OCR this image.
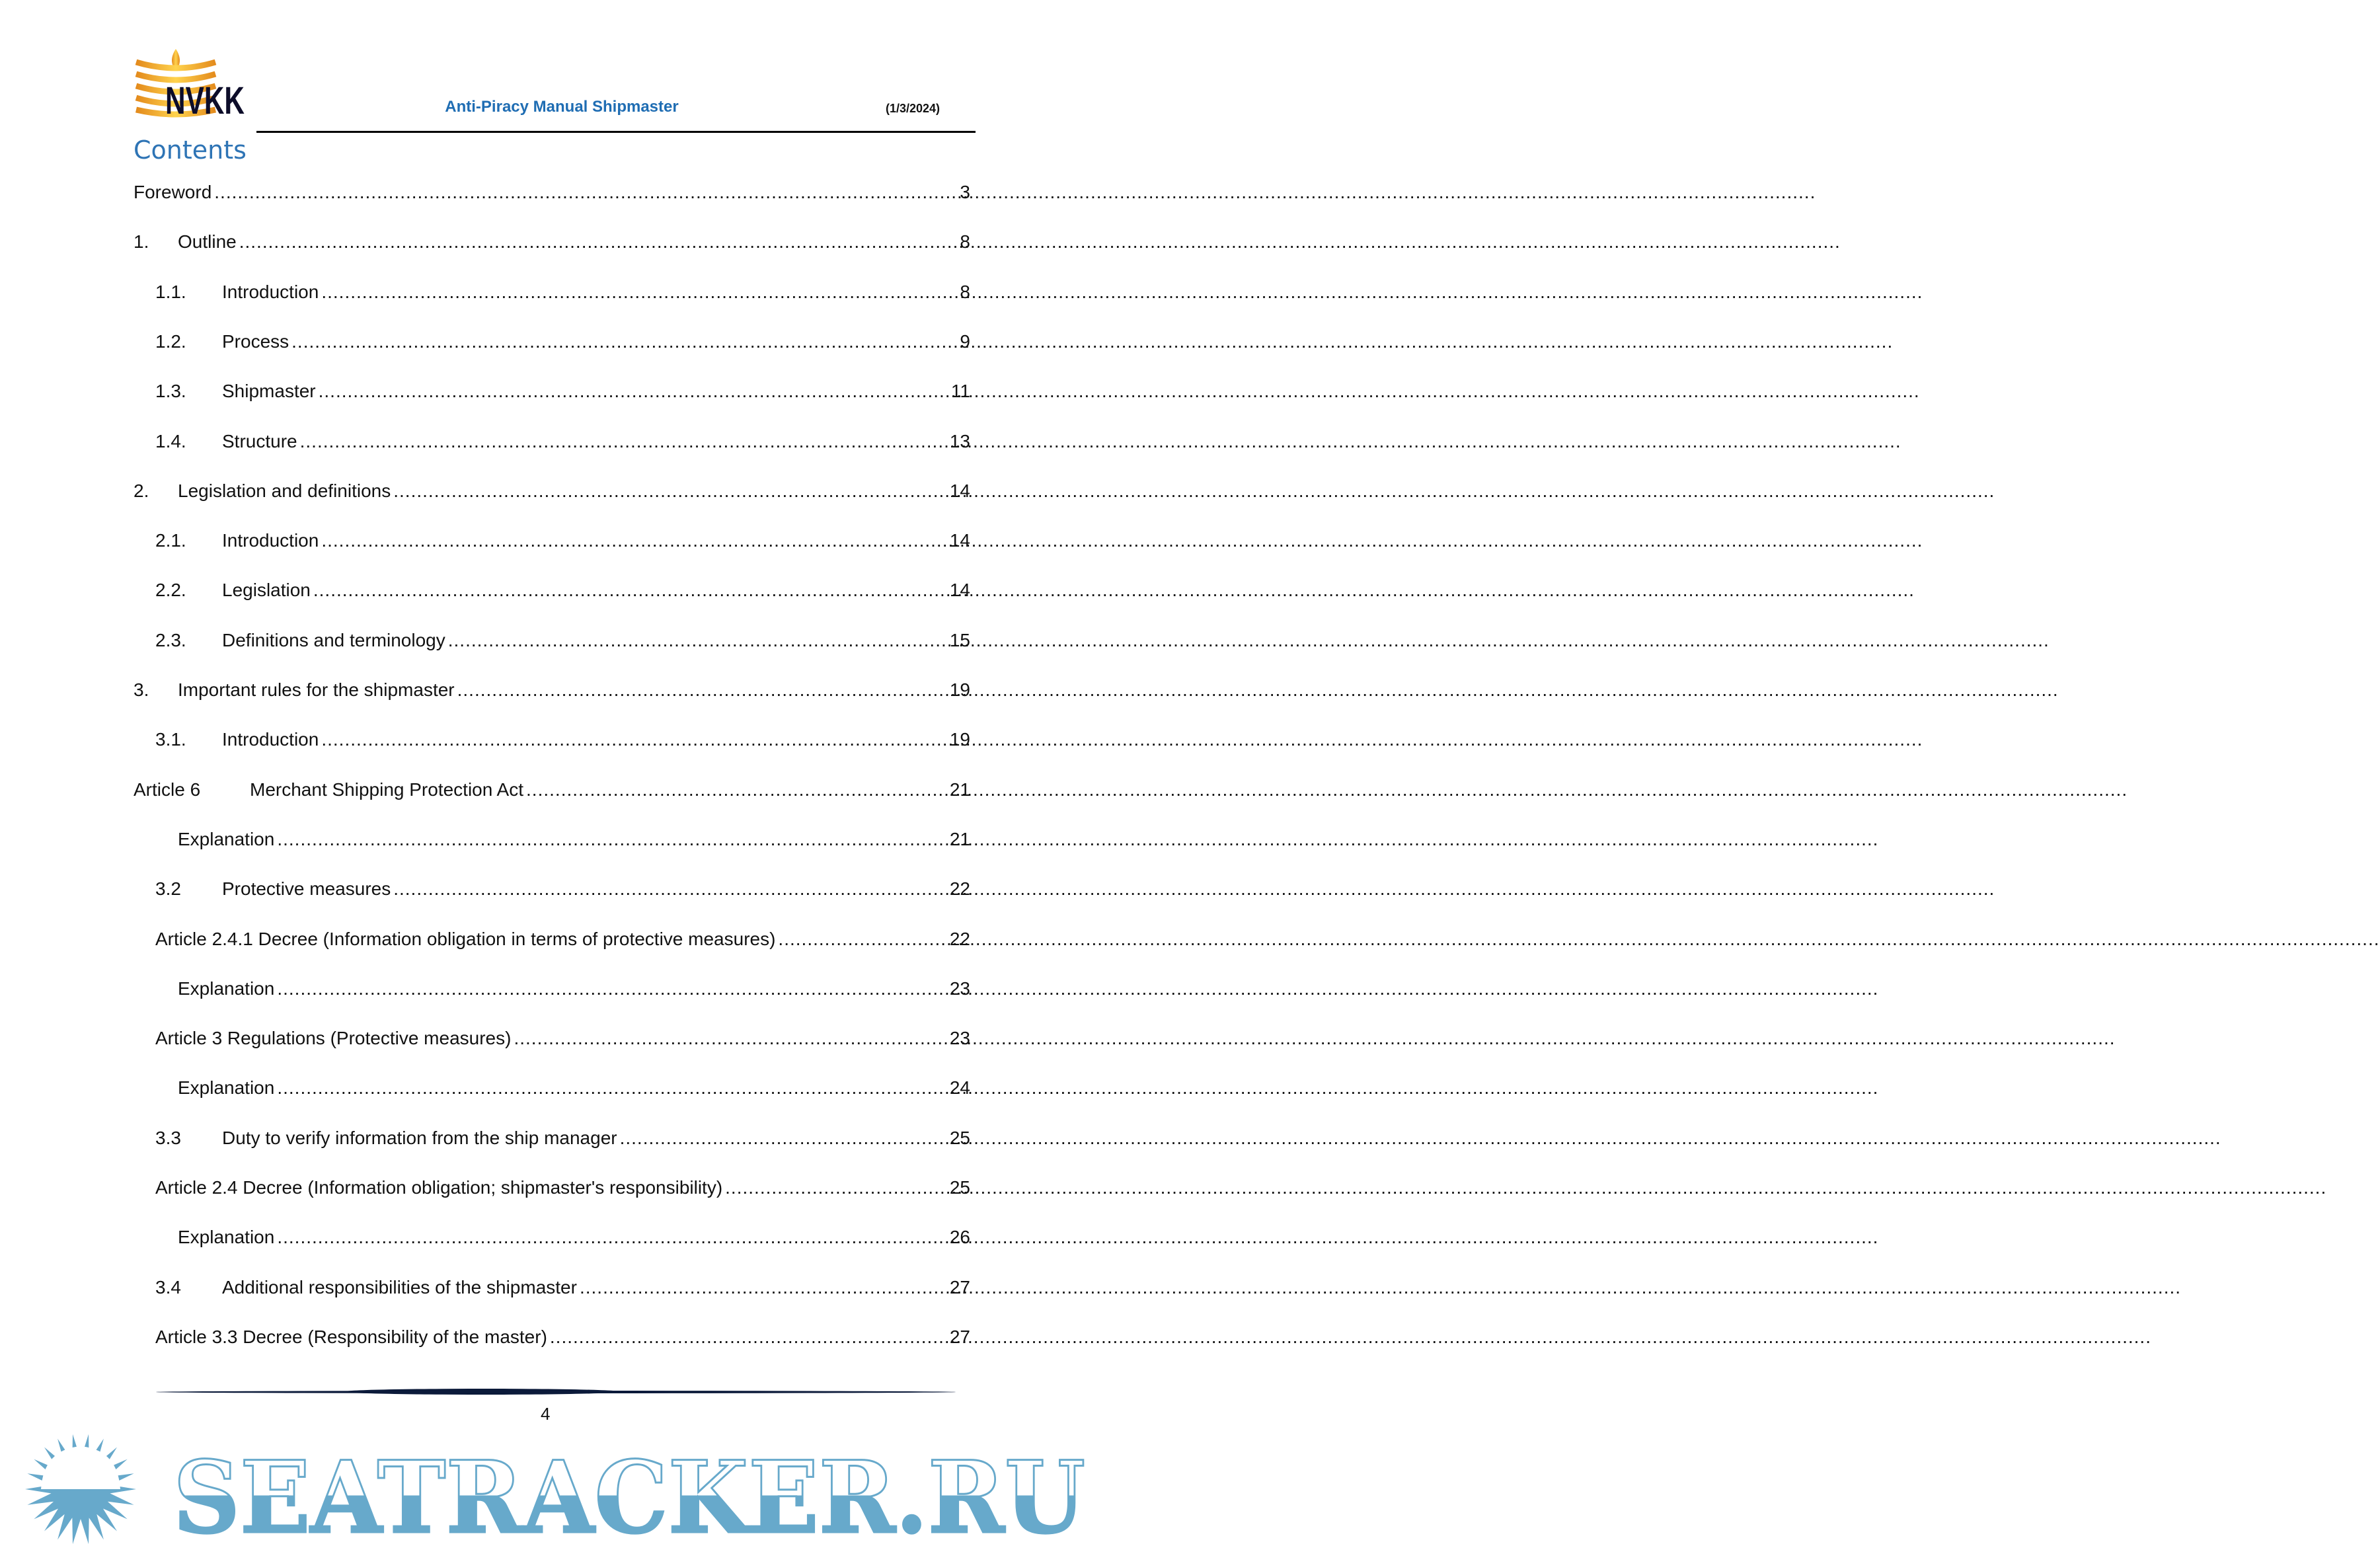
NVKK	Anti-Piracy Manual Shipmaster	(1/3/2024)
Contents
Foreword .....	3
1. Outline .....	8
1.1. Introduction .....	8
1.2. Process .....	9
1.3. Shipmaster .....	11
1.4. Structure .....	13
2. Legislation and definitions .....	14
2.1. Introduction .....	14
2.2. Legislation .....	14
2.3. Definitions and terminology .....	15
3. Important rules for the shipmaster .....	19
3.1. Introduction .....	19
Article 6	Merchant Shipping Protection Act .....	21
Explanation .....	21
3.2 Protective measures .....	22
Article 2.4.1 Decree (Information obligation in terms of protective measures) .....	22
Explanation .....	23
Article 3 Regulations (Protective measures) .....	23
Explanation .....	24
3.3 Duty to verify information from the ship manager .....	25
Article 2.4 Decree (Information obligation; shipmaster's responsibility) .....	25
Explanation .....	26
3.4 Additional responsibilities of the shipmaster .....	27
Article 3.3 Decree (Responsibility of the master) .....	27
4
SEATRACKER.RU
